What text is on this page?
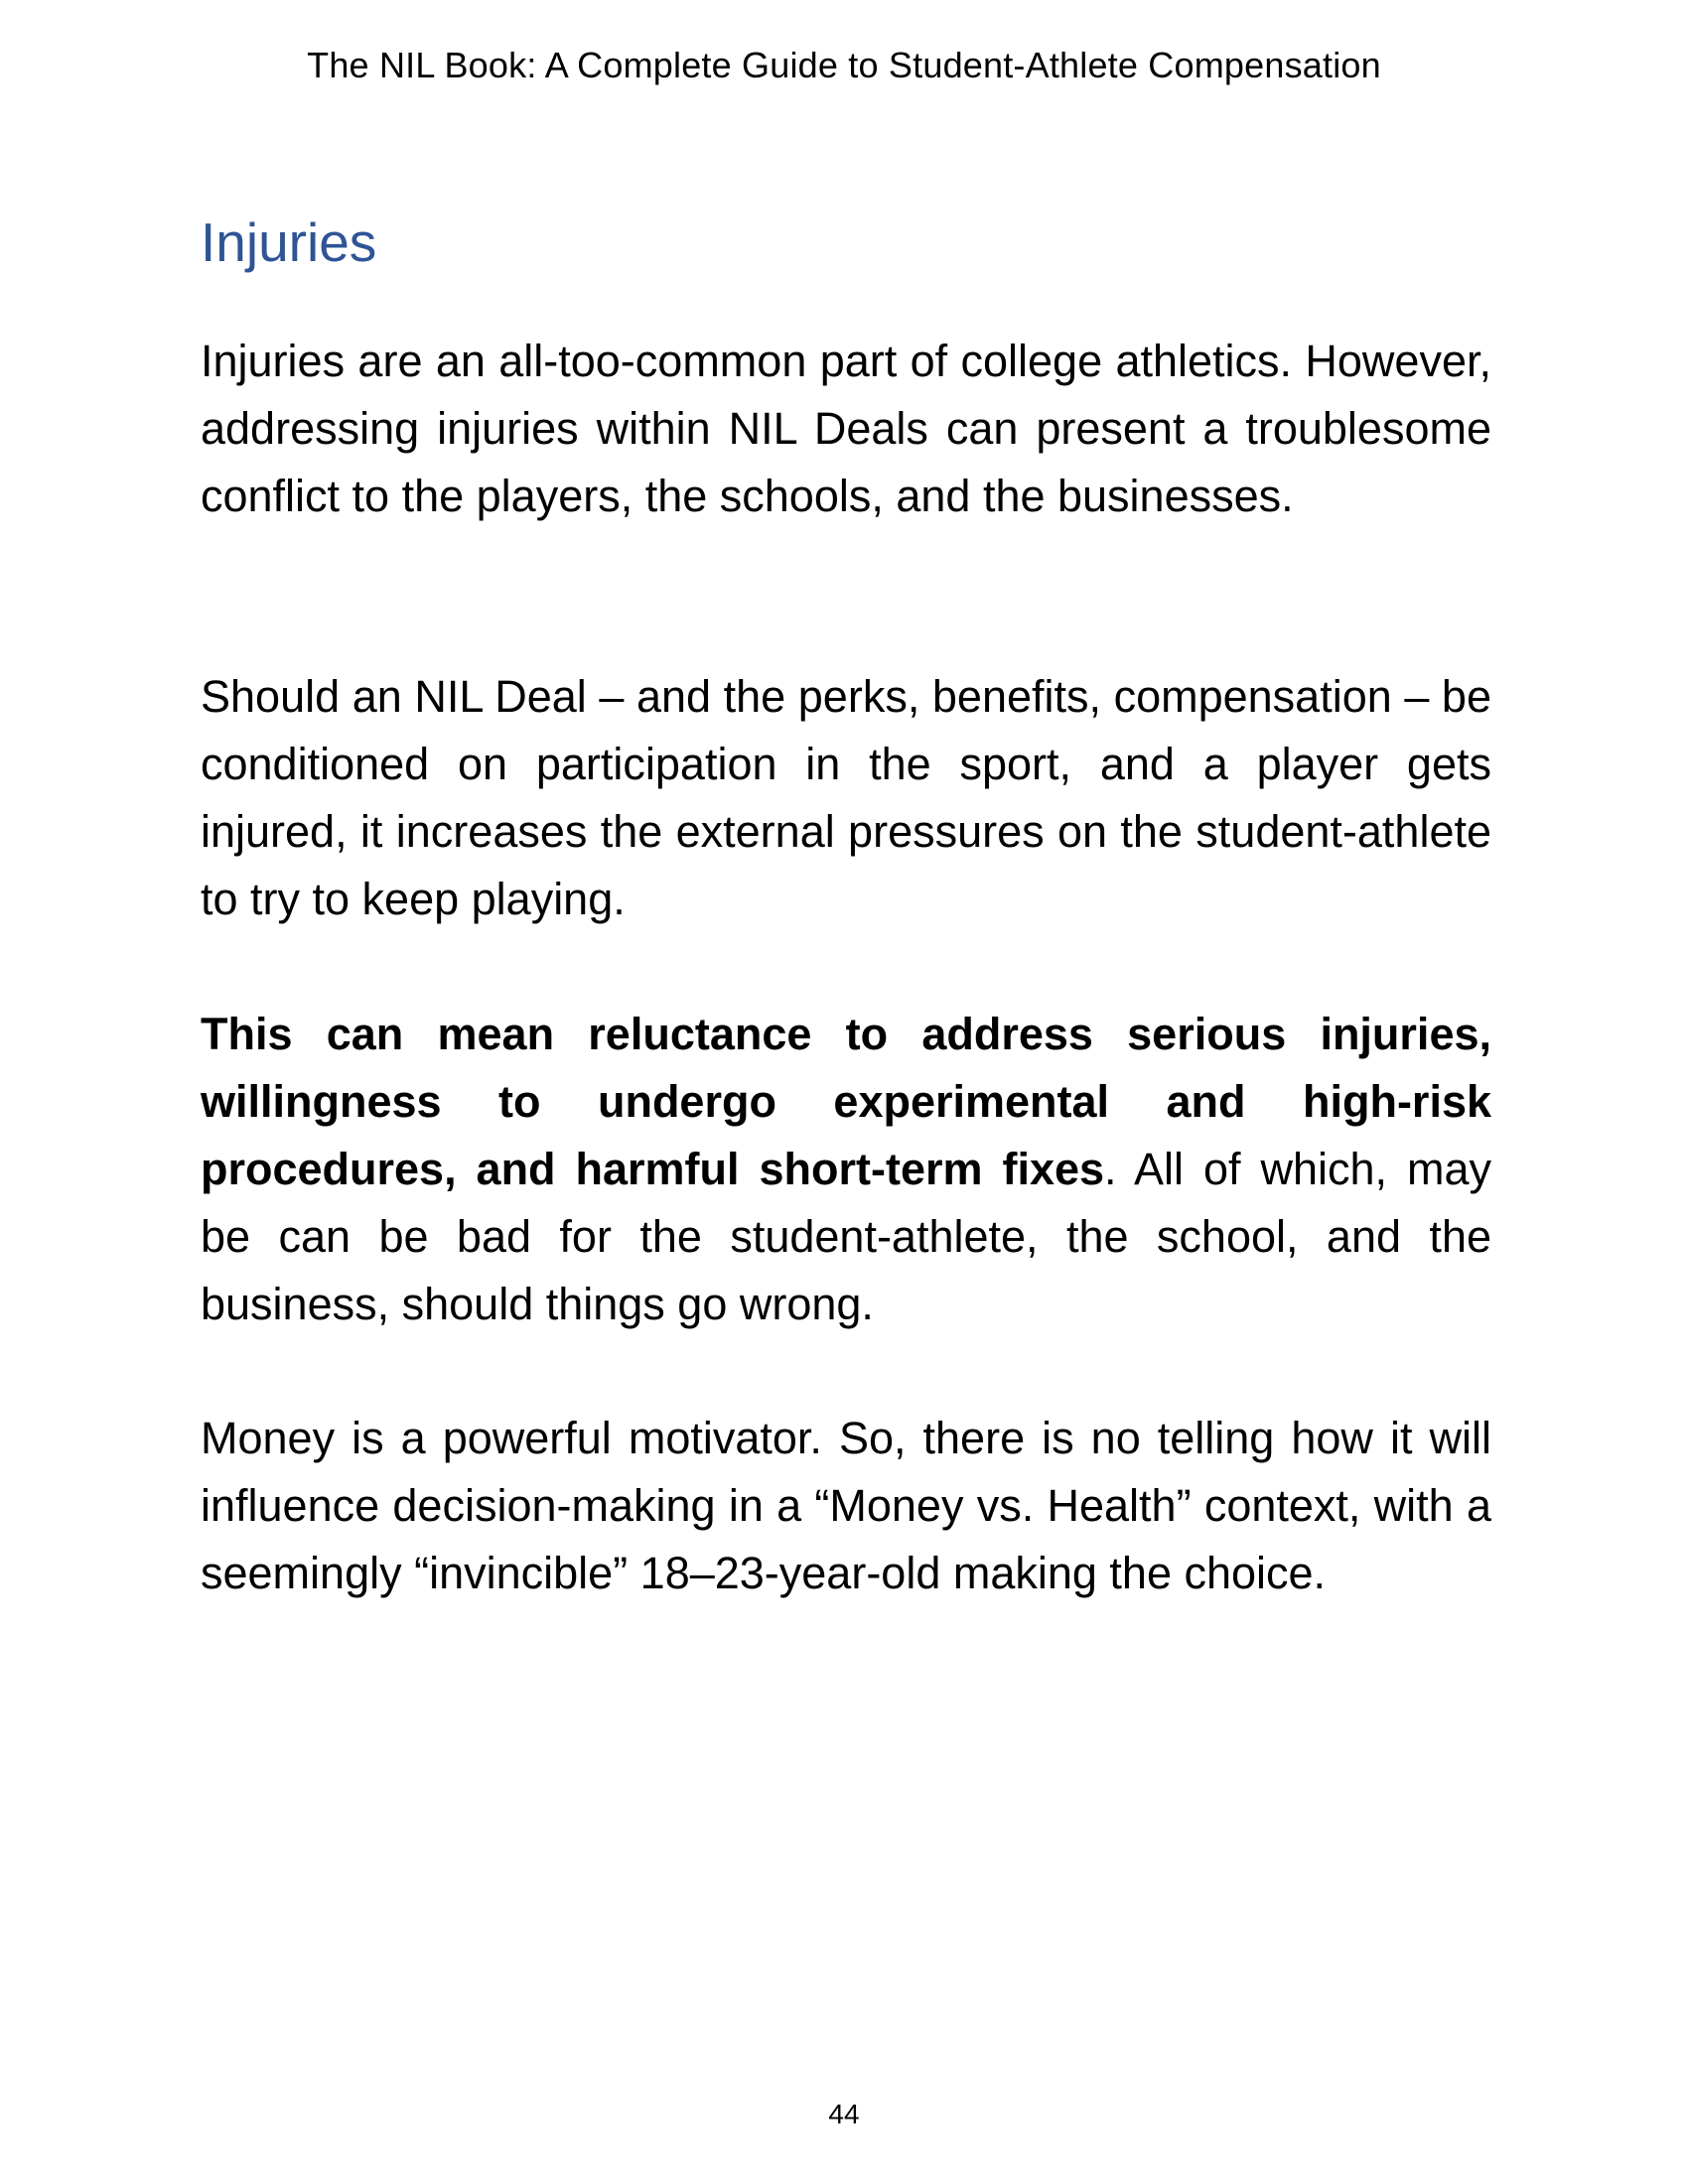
The NIL Book: A Complete Guide to Student-Athlete Compensation
Injuries

Injuries are an all-too-common part of college athletics. However, addressing injuries within NIL Deals can present a troublesome conflict to the players, the schools, and the businesses.

Should an NIL Deal – and the perks, benefits, compensation – be conditioned on participation in the sport, and a player gets injured, it increases the external pressures on the student-athlete to try to keep playing.

This can mean reluctance to address serious injuries, willingness to undergo experimental and high-risk procedures, and harmful short-term fixes. All of which, may be can be bad for the student-athlete, the school, and the business, should things go wrong.

Money is a powerful motivator. So, there is no telling how it will influence decision-making in a “Money vs. Health” context, with a seemingly “invincible” 18–23-year-old making the choice.

44
